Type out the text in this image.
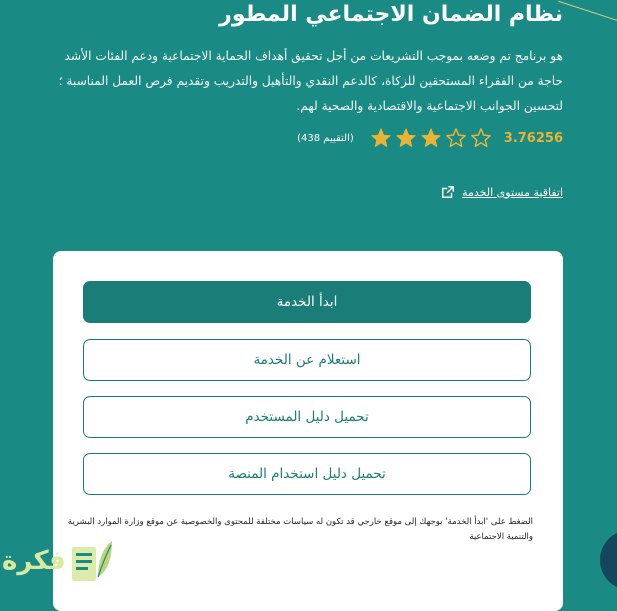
نظام الضمان الاجتماعي المطور

هو برنامج تم وضعه بموجب التشريعات من أجل تحقيق أهداف الحماية الاجتماعية ودعم الفئات الأشد حاجة من الفقراء المستحقين للزكاة، كالدعم النقدي والتأهيل والتدريب وتقديم فرص العمل المناسبة ؛ لتحسين الجوانب الاجتماعية والاقتصادية والصحية لهم.

3.76256
(التقييم 438)
اتفاقية مستوى الخدمة
ابدأ الخدمة
استعلام عن الخدمة
تحميل دليل المستخدم
تحميل دليل استخدام المنصة

الضغط على 'ابدأ الخدمة' يوجهك إلى موقع خارجي قد تكون له سياسات مختلفة للمحتوى والخصوصية عن موقع وزارة الموارد البشرية والتنمية الاجتماعية

فكرة
